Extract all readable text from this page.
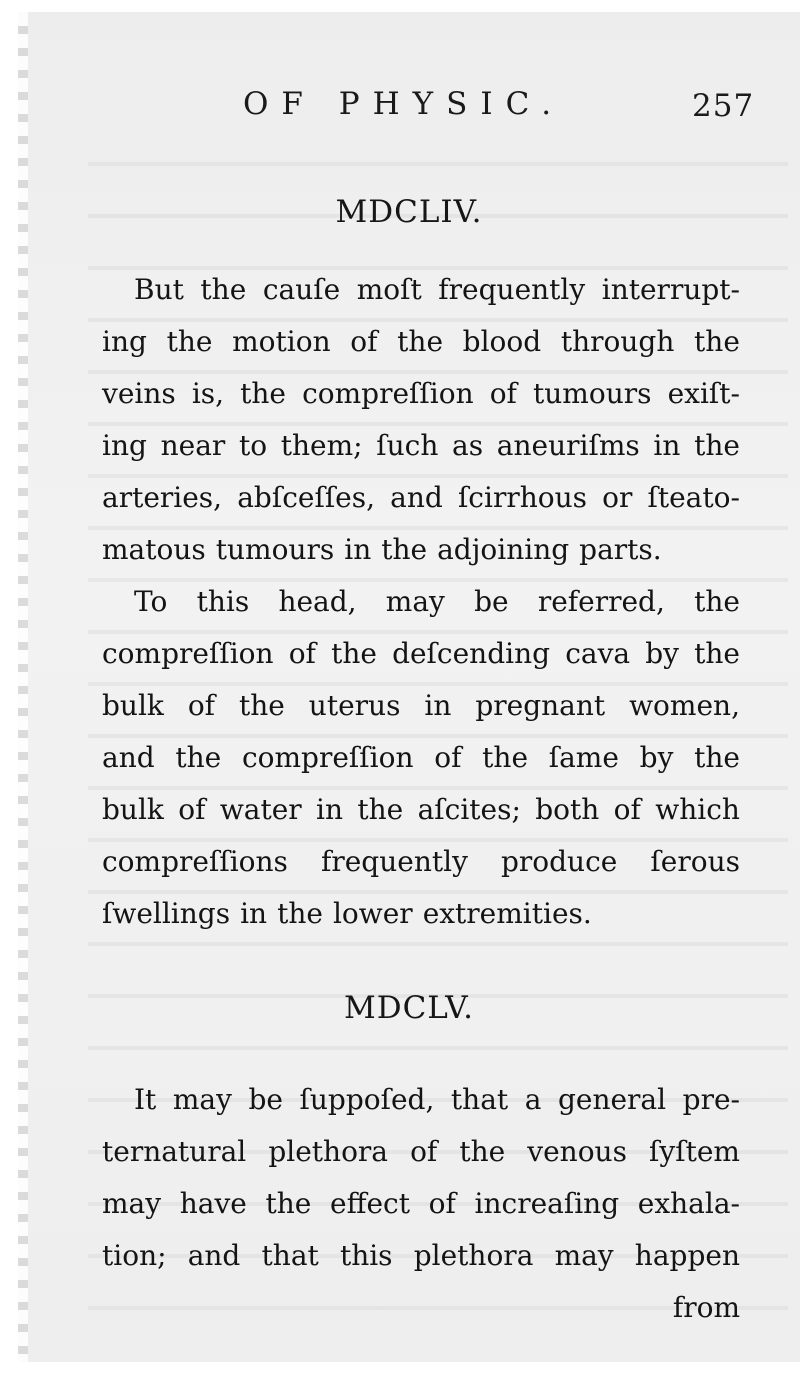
OF PHYSIC.	257
MDCLIV.
But the cauſe moſt frequently interrupt-
ing the motion of the blood through the
veins is, the compreſſion of tumours exiſt-
ing near to them; ſuch as aneuriſms in the
arteries, abſceſſes, and ſcirrhous or ſteato-
matous tumours in the adjoining parts.
To this head, may be referred, the
compreſſion of the deſcending cava by the
bulk of the uterus in pregnant women,
and the compreſſion of the ſame by the
bulk of water in the aſcites; both of which
compreſſions frequently produce ſerous
ſwellings in the lower extremities.
MDCLV.
It may be ſuppoſed, that a general pre-
ternatural plethora of the venous ſyſtem
may have the effect of increaſing exhala-
tion; and that this plethora may happen
from
